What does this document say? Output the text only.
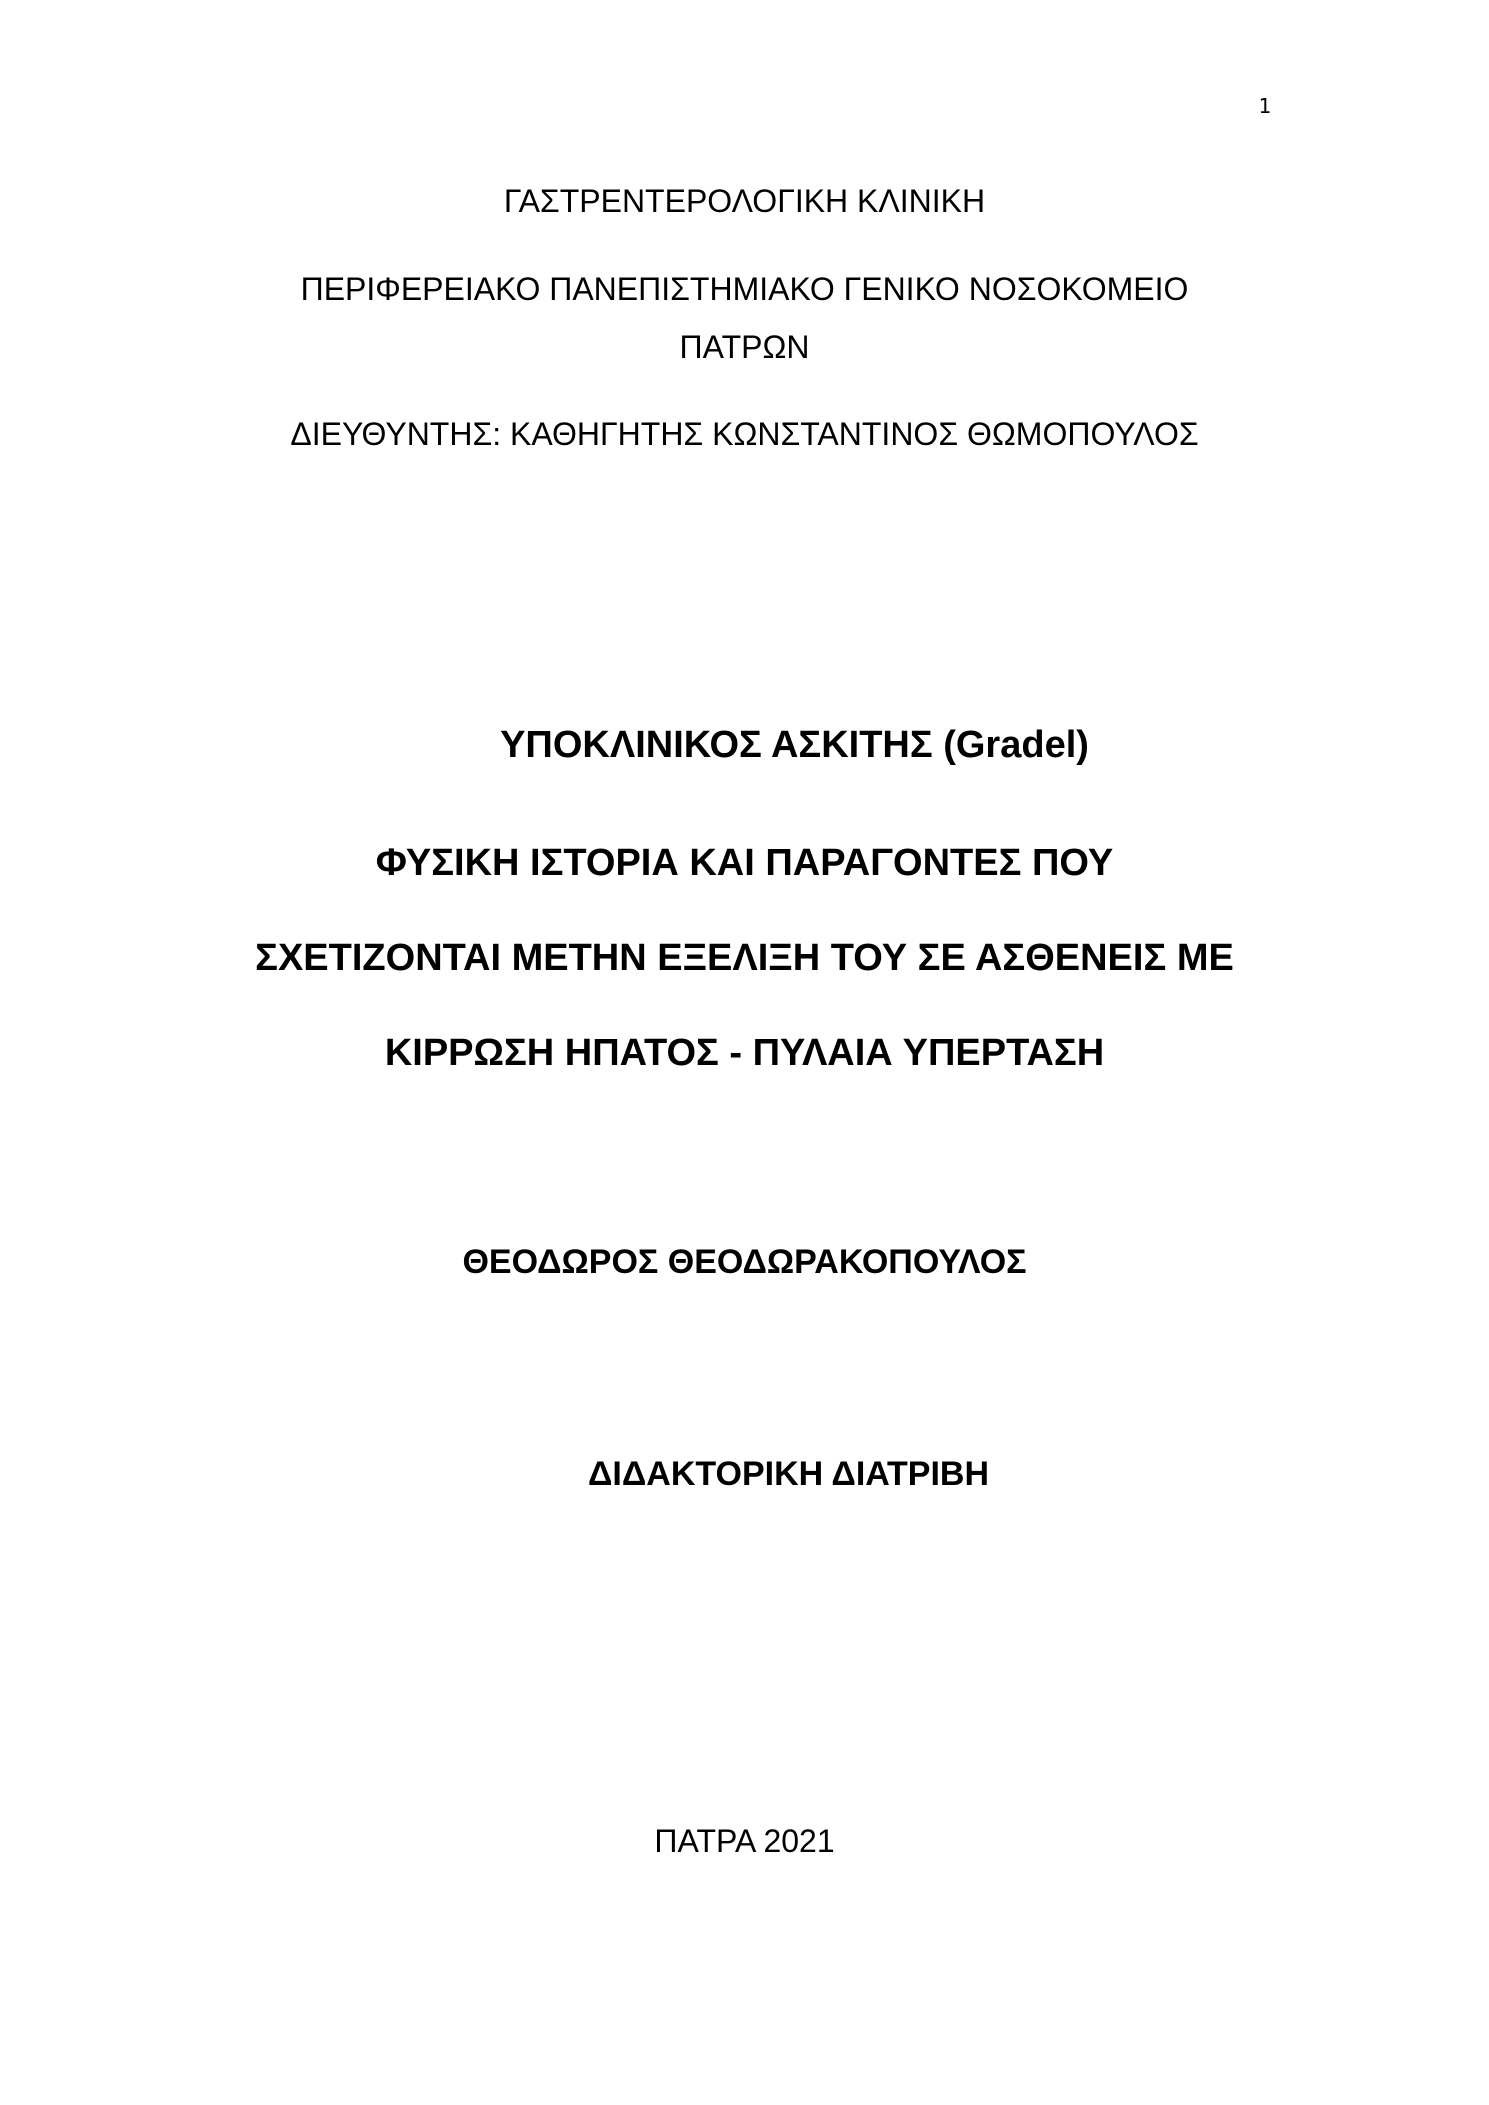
1
ΓΑΣΤΡΕΝΤΕΡΟΛΟΓΙΚΗ ΚΛΙΝΙΚΗ
ΠΕΡΙΦΕΡΕΙΑΚΟ ΠΑΝΕΠΙΣΤΗΜΙΑΚΟ ΓΕΝΙΚΟ ΝΟΣΟΚΟΜΕΙΟ
ΠΑΤΡΩΝ
ΔΙΕΥΘΥΝΤΗΣ: ΚΑΘΗΓΗΤΗΣ ΚΩΝΣΤΑΝΤΙΝΟΣ ΘΩΜΟΠΟΥΛΟΣ
ΥΠΟΚΛΙΝΙΚΟΣ ΑΣΚΙΤΗΣ (Gradel)
ΦΥΣΙΚΗ ΙΣΤΟΡΙΑ ΚΑΙ ΠΑΡΑΓΟΝΤΕΣ ΠΟΥ
ΣΧΕΤΙΖΟΝΤΑΙ ΜΕΤΗΝ ΕΞΕΛΙΞΗ ΤΟΥ ΣΕ ΑΣΘΕΝΕΙΣ ΜΕ
ΚΙΡΡΩΣΗ ΗΠΑΤΟΣ - ΠΥΛΑΙΑ ΥΠΕΡΤΑΣΗ
ΘΕΟΔΩΡΟΣ ΘΕΟΔΩΡΑΚΟΠΟΥΛΟΣ
ΔΙΔΑΚΤΟΡΙΚΗ ΔΙΑΤΡΙΒΗ
ΠΑΤΡΑ 2021
